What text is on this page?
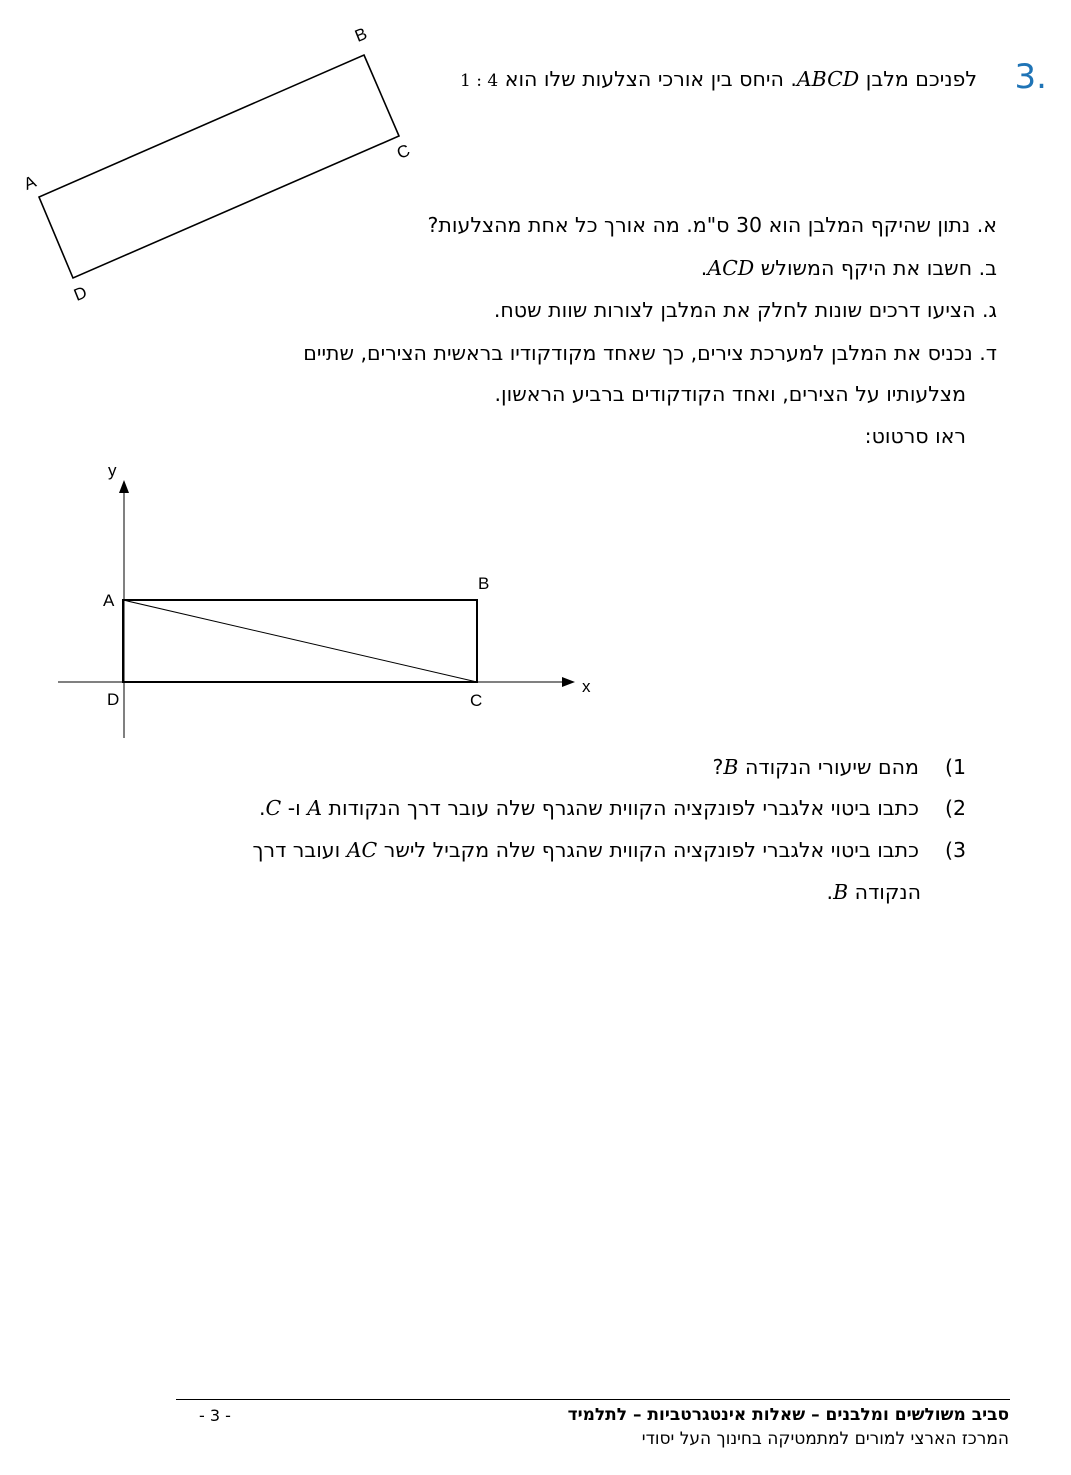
B
C
A
D
3.
לפניכם מלבן ABCD. היחס בין אורכי הצלעות שלו הוא 1 : 4
א. נתון שהיקף המלבן הוא 30 ס"מ. מה אורך כל אחת מהצלעות?
ב. חשבו את היקף המשולש ACD.
ג. הציעו דרכים שונות לחלק את המלבן לצורות שוות שטח.
ד. נכניס את המלבן למערכת צירים, כך שאחד מקודקודיו בראשית הצירים, שתיים
מצלעותיו על הצירים, ואחד הקודקודים ברביע הראשון.
ראו סרטוט:
y
x
A
B
D	C
1)מהם שיעורי הנקודה B?
2)כתבו ביטוי אלגברי לפונקציה הקווית שהגרף שלה עובר דרך הנקודות A ו- C.
3)כתבו ביטוי אלגברי לפונקציה הקווית שהגרף שלה מקביל לישר AC ועובר דרך
הנקודה B.
סביב משולשים ומלבנים – שאלות אינטגרטביות – לתלמיד
- 3 -
המרכז הארצי למורים למתמטיקה בחינוך העל יסודי
